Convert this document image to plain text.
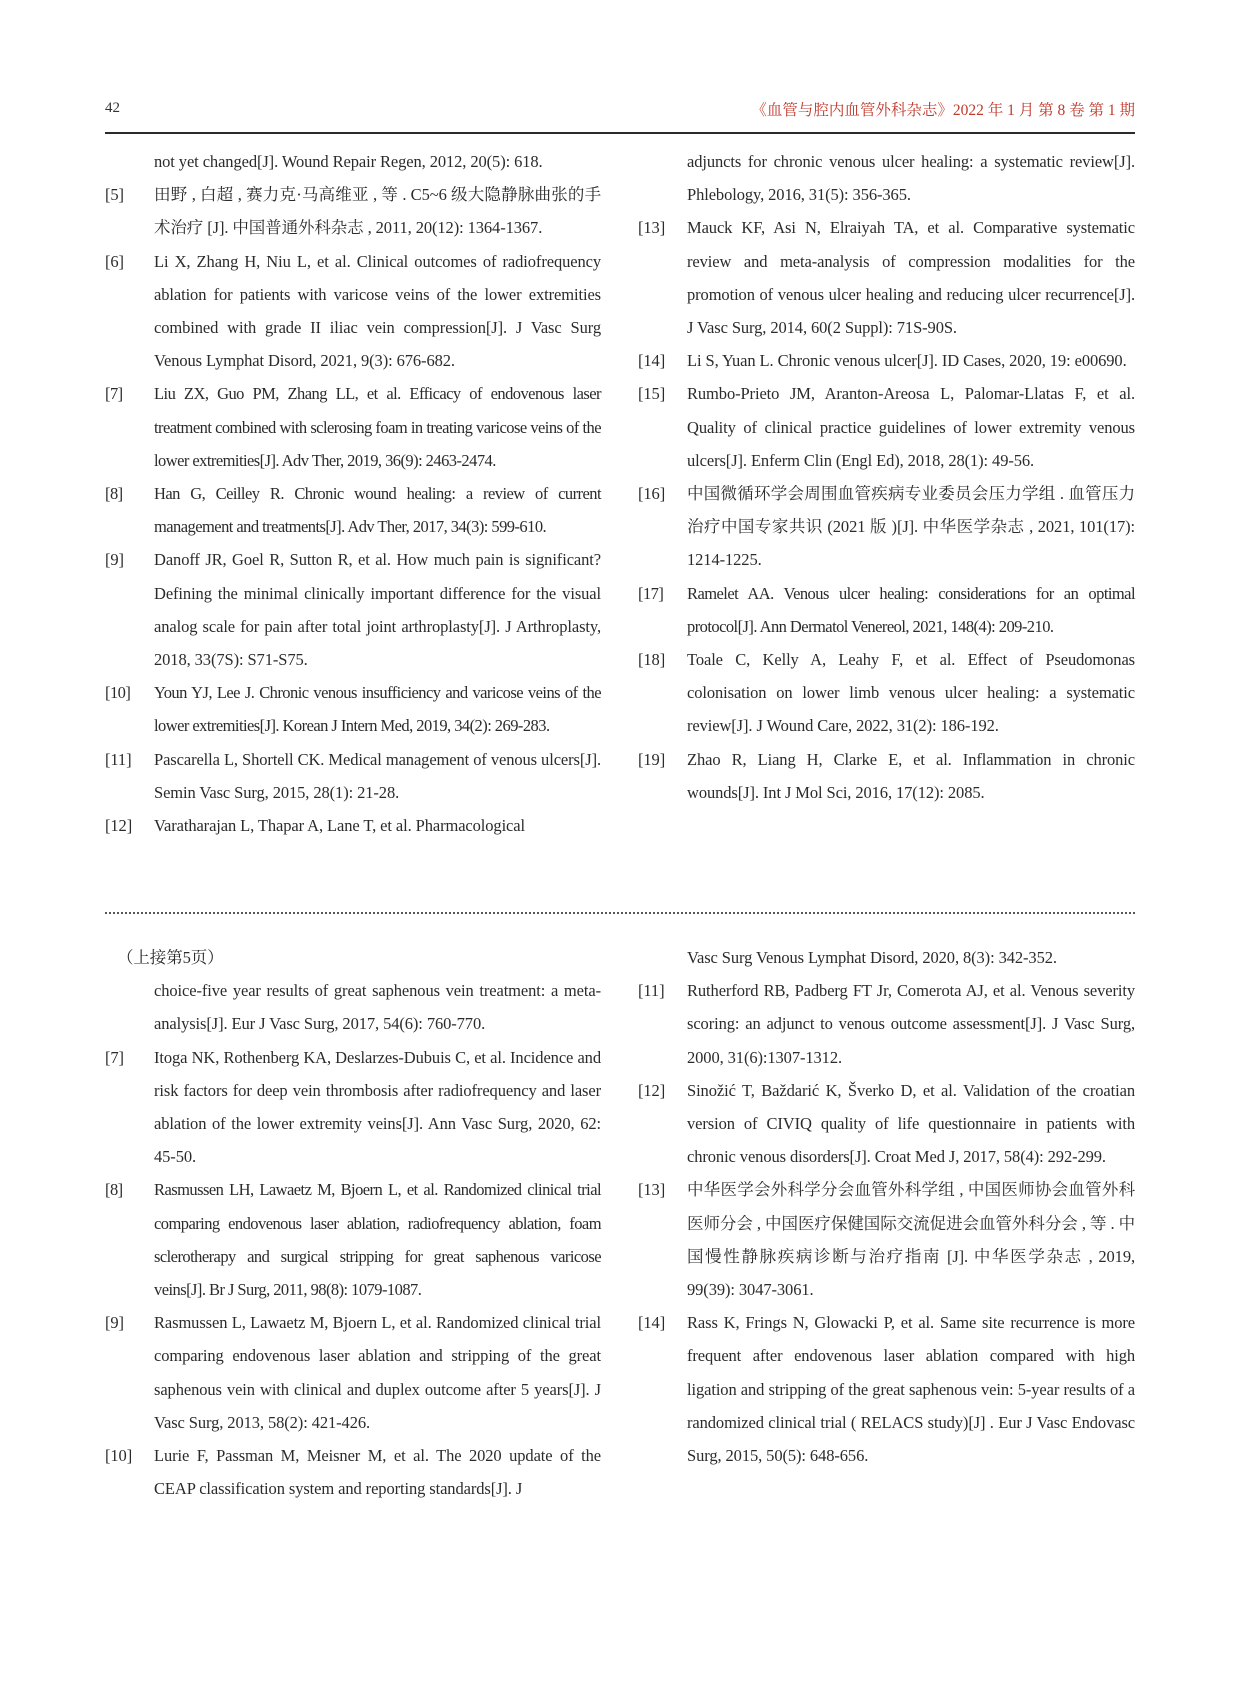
42	《血管与腔内血管外科杂志》2022 年 1 月 第 8 卷 第 1 期
not yet changed[J]. Wound Repair Regen, 2012, 20(5): 618.
[5] 田野 , 白超 , 赛力克·马高维亚 , 等 . C5~6 级大隐静脉曲张的手术治疗 [J]. 中国普通外科杂志 , 2011, 20(12): 1364-1367.
[6] Li X, Zhang H, Niu L, et al. Clinical outcomes of radiofrequency ablation for patients with varicose veins of the lower extremities combined with grade II iliac vein compression[J]. J Vasc Surg Venous Lymphat Disord, 2021, 9(3): 676-682.
[7] Liu ZX, Guo PM, Zhang LL, et al. Efficacy of endovenous laser treatment combined with sclerosing foam in treating varicose veins of the lower extremities[J]. Adv Ther, 2019, 36(9): 2463-2474.
[8] Han G, Ceilley R. Chronic wound healing: a review of current management and treatments[J]. Adv Ther, 2017, 34(3): 599-610.
[9] Danoff JR, Goel R, Sutton R, et al. How much pain is significant? Defining the minimal clinically important difference for the visual analog scale for pain after total joint arthroplasty[J]. J Arthroplasty, 2018, 33(7S): S71-S75.
[10] Youn YJ, Lee J. Chronic venous insufficiency and varicose veins of the lower extremities[J]. Korean J Intern Med, 2019, 34(2): 269-283.
[11] Pascarella L, Shortell CK. Medical management of venous ulcers[J]. Semin Vasc Surg, 2015, 28(1): 21-28.
[12] Varatharajan L, Thapar A, Lane T, et al. Pharmacological
adjuncts for chronic venous ulcer healing: a systematic review[J]. Phlebology, 2016, 31(5): 356-365.
[13] Mauck KF, Asi N, Elraiyah TA, et al. Comparative systematic review and meta-analysis of compression modalities for the promotion of venous ulcer healing and reducing ulcer recurrence[J]. J Vasc Surg, 2014, 60(2 Suppl): 71S-90S.
[14] Li S, Yuan L. Chronic venous ulcer[J]. ID Cases, 2020, 19: e00690.
[15] Rumbo-Prieto JM, Aranton-Areosa L, Palomar-Llatas F, et al. Quality of clinical practice guidelines of lower extremity venous ulcers[J]. Enferm Clin (Engl Ed), 2018, 28(1): 49-56.
[16] 中国微循环学会周围血管疾病专业委员会压力学组 . 血管压力治疗中国专家共识 (2021 版 )[J]. 中华医学杂志 , 2021, 101(17): 1214-1225.
[17] Ramelet AA. Venous ulcer healing: considerations for an optimal protocol[J]. Ann Dermatol Venereol, 2021, 148(4): 209-210.
[18] Toale C, Kelly A, Leahy F, et al. Effect of Pseudomonas colonisation on lower limb venous ulcer healing: a systematic review[J]. J Wound Care, 2022, 31(2): 186-192.
[19] Zhao R, Liang H, Clarke E, et al. Inflammation in chronic wounds[J]. Int J Mol Sci, 2016, 17(12): 2085.
（上接第5页）
choice-five year results of great saphenous vein treatment: a meta-analysis[J]. Eur J Vasc Surg, 2017, 54(6): 760-770.
[7] Itoga NK, Rothenberg KA, Deslarzes-Dubuis C, et al. Incidence and risk factors for deep vein thrombosis after radiofrequency and laser ablation of the lower extremity veins[J]. Ann Vasc Surg, 2020, 62: 45-50.
[8] Rasmussen LH, Lawaetz M, Bjoern L, et al. Randomized clinical trial comparing endovenous laser ablation, radiofrequency ablation, foam sclerotherapy and surgical stripping for great saphenous varicose veins[J]. Br J Surg, 2011, 98(8): 1079-1087.
[9] Rasmussen L, Lawaetz M, Bjoern L, et al. Randomized clinical trial comparing endovenous laser ablation and stripping of the great saphenous vein with clinical and duplex outcome after 5 years[J]. J Vasc Surg, 2013, 58(2): 421-426.
[10] Lurie F, Passman M, Meisner M, et al. The 2020 update of the CEAP classification system and reporting standards[J]. J
Vasc Surg Venous Lymphat Disord, 2020, 8(3): 342-352.
[11] Rutherford RB, Padberg FT Jr, Comerota AJ, et al. Venous severity scoring: an adjunct to venous outcome assessment[J]. J Vasc Surg, 2000, 31(6):1307-1312.
[12] Sinožić T, Baždarić K, Šverko D, et al. Validation of the croatian version of CIVIQ quality of life questionnaire in patients with chronic venous disorders[J]. Croat Med J, 2017, 58(4): 292-299.
[13] 中华医学会外科学分会血管外科学组 , 中国医师协会血管外科医师分会 , 中国医疗保健国际交流促进会血管外科分会 , 等 . 中国慢性静脉疾病诊断与治疗指南 [J]. 中华医学杂志 , 2019, 99(39): 3047-3061.
[14] Rass K, Frings N, Glowacki P, et al. Same site recurrence is more frequent after endovenous laser ablation compared with high ligation and stripping of the great saphenous vein: 5-year results of a randomized clinical trial ( RELACS study)[J] . Eur J Vasc Endovasc Surg, 2015, 50(5): 648-656.
